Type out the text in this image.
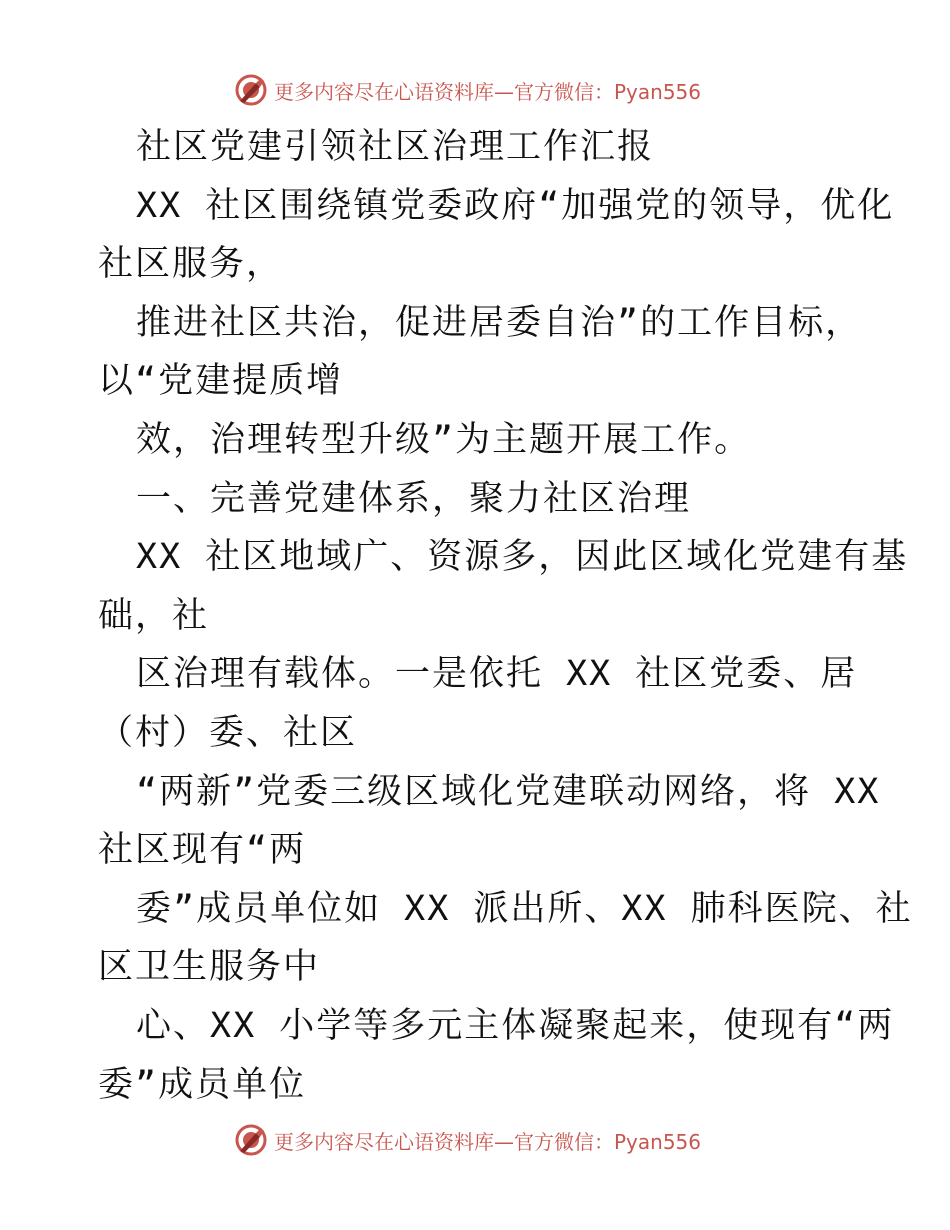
更多内容尽在心语资料库—官方微信：Pyan556
社区党建引领社区治理工作汇报
XX 社区围绕镇党委政府“加强党的领导，优化
社区服务，
推进社区共治，促进居委自治”的工作目标，
以“党建提质增
效，治理转型升级”为主题开展工作。
一、完善党建体系，聚力社区治理
XX 社区地域广、资源多，因此区域化党建有基
础，社
区治理有载体。一是依托 XX 社区党委、居
（村）委、社区
“两新”党委三级区域化党建联动网络，将 XX
社区现有“两
委”成员单位如 XX 派出所、XX 肺科医院、社
区卫生服务中
心、XX 小学等多元主体凝聚起来，使现有“两
委”成员单位
更多内容尽在心语资料库—官方微信：Pyan556
